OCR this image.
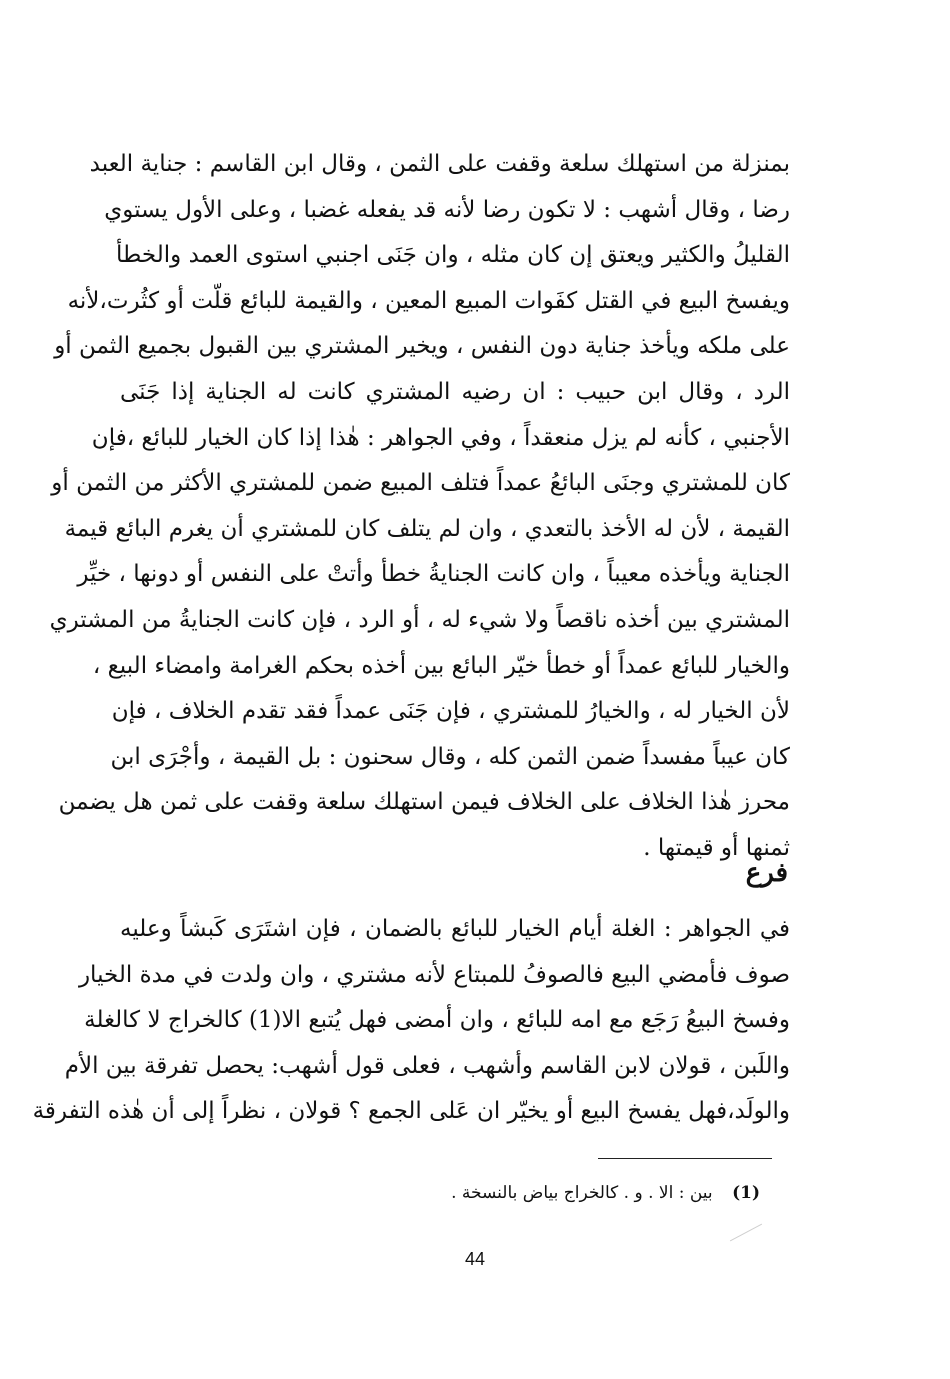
بمنزلة من استهلك سلعة وقفت على الثمن ، وقال ابن القاسم : جناية العبد
رضا ، وقال أشهب : لا تكون رضا لأنه قد يفعله غضبا ، وعلى الأول يستوي
القليلُ والكثير ويعتق إن كان مثله ، وان جَنَى اجنبي استوى العمد والخطأ
ويفسخ البيع في القتل كفَوات المبيع المعين ، والقيمة للبائع قلّت أو كثُرت،لأنه
على ملكه ويأخذ جناية دون النفس ، ويخير المشتري بين القبول بجميع الثمن أو
الرد ، وقال ابن حبيب : ان رضيه المشتري كانت له الجناية إذا جَنَى
الأجنبي ، كأنه لم يزل منعقداً ، وفي الجواهر : هٰذا إذا كان الخيار للبائع ،فإن
كان للمشتري وجنَى البائعُ عمداً فتلف المبيع ضمن للمشتري الأكثر من الثمن أو
القيمة ، لأن له الأخذ بالتعدي ، وان لم يتلف كان للمشتري أن يغرم البائع قيمة
الجناية ويأخذه معيباً ، وان كانت الجنايةُ خطأ وأتتْ على النفس أو دونها ، خيِّر
المشتري بين أخذه ناقصاً ولا شيء له ، أو الرد ، فإن كانت الجنايةُ من المشتري
والخيار للبائع عمداً أو خطأ خيّر البائع بين أخذه بحكم الغرامة وامضاء البيع ،
لأن الخيار له ، والخيارُ للمشتري ، فإن جَنَى عمداً فقد تقدم الخلاف ، فإن
كان عيباً مفسداً ضمن الثمن كله ، وقال سحنون : بل القيمة ، وأجْرَى ابن
محرز هٰذا الخلاف على الخلاف فيمن استهلك سلعة وقفت على ثمن هل يضمن
ثمنها أو قيمتها .
فرع
في الجواهر : الغلة أيام الخيار للبائع بالضمان ، فإن اشتَرَى كَبشاً وعليه
صوف فأمضي البيع فالصوفُ للمبتاع لأنه مشتري ، وان ولدت في مدة الخيار
وفسخ البيعُ رَجَع مع امه للبائع ، وان أمضى فهل يُتبع الا(1) كالخراج لا كالغلة
واللَبن ، قولان لابن القاسم وأشهب ، فعلى قول أشهب: يحصل تفرقة بين الأم
والولَد،فهل يفسخ البيع أو يخيّر ان عَلى الجمع ؟ قولان ، نظراً إلى أن هٰذه التفرقة
(1) بين : الا . و . كالخراج بياض بالنسخة .
44
